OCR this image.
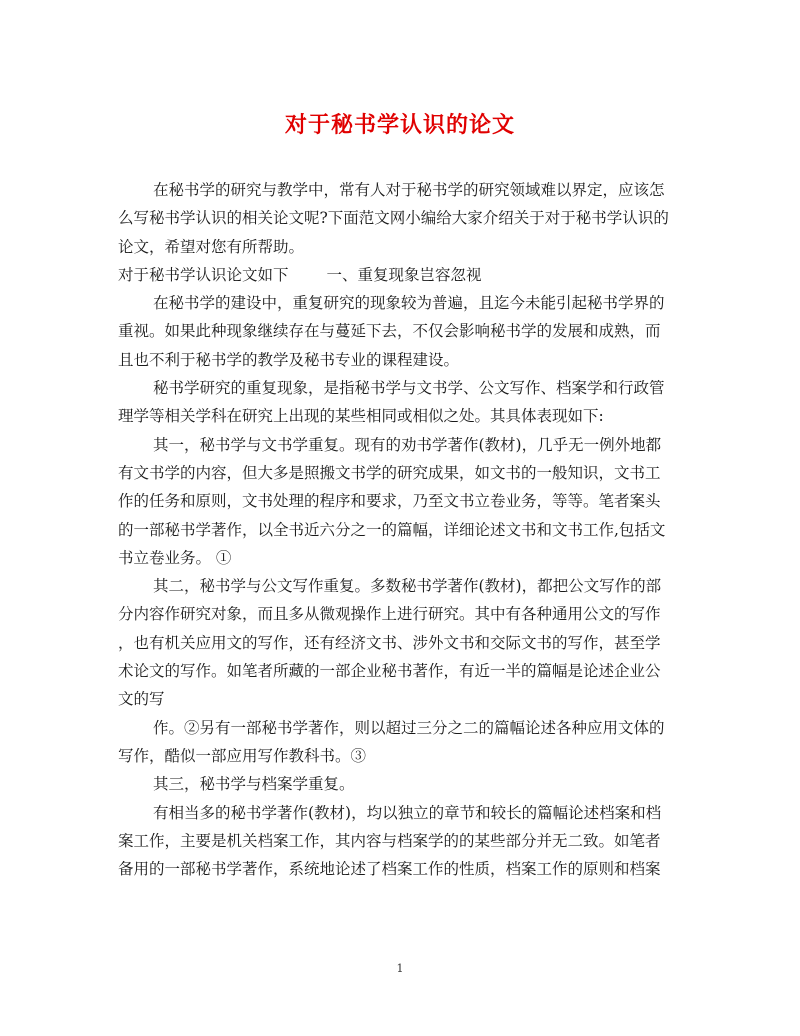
对于秘书学认识的论文
在秘书学的研究与教学中，常有人对于秘书学的研究领域难以界定，应该怎
么写秘书学认识的相关论文呢?下面范文网小编给大家介绍关于对于秘书学认识的
论文，希望对您有所帮助。
对于秘书学认识论文如下 一、重复现象岂容忽视
在秘书学的建设中，重复研究的现象较为普遍，且迄今未能引起秘书学界的
重视。如果此种现象继续存在与蔓延下去，不仅会影响秘书学的发展和成熟，而
且也不利于秘书学的教学及秘书专业的课程建设。
秘书学研究的重复现象，是指秘书学与文书学、公文写作、档案学和行政管
理学等相关学科在研究上出现的某些相同或相似之处。其具体表现如下:
其一，秘书学与文书学重复。现有的劝书学著作(教材)，几乎无一例外地都
有文书学的内容，但大多是照搬文书学的研究成果，如文书的一般知识，文书工
作的任务和原则，文书处理的程序和要求，乃至文书立卷业务，等等。笔者案头
的一部秘书学著作，以全书近六分之一的篇幅，详细论述文书和文书工作,包括文
书立卷业务。 ①
其二，秘书学与公文写作重复。多数秘书学著作(教材)，都把公文写作的部
分内容作研究对象，而且多从微观操作上进行研究。其中有各种通用公文的写作
，也有机关应用文的写作，还有经济文书、涉外文书和交际文书的写作，甚至学
术论文的写作。如笔者所藏的一部企业秘书著作，有近一半的篇幅是论述企业公
文的写
作。②另有一部秘书学著作，则以超过三分之二的篇幅论述各种应用文体的
写作，酷似一部应用写作教科书。③
其三，秘书学与档案学重复。
有相当多的秘书学著作(教材)，均以独立的章节和较长的篇幅论述档案和档
案工作，主要是机关档案工作，其内容与档案学的的某些部分并无二致。如笔者
备用的一部秘书学著作，系统地论述了档案工作的性质，档案工作的原则和档案
1
